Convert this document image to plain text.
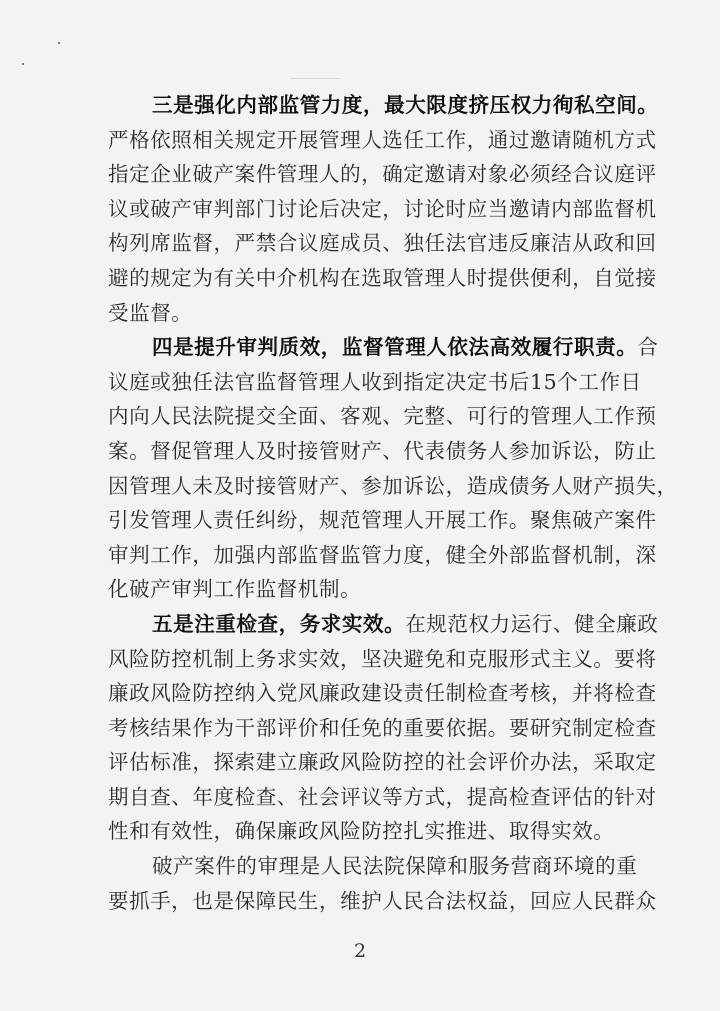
三是强化内部监管力度，最大限度挤压权力徇私空间。
严格依照相关规定开展管理人选任工作，通过邀请随机方式
指定企业破产案件管理人的，确定邀请对象必须经合议庭评
议或破产审判部门讨论后决定，讨论时应当邀请内部监督机
构列席监督，严禁合议庭成员、独任法官违反廉洁从政和回
避的规定为有关中介机构在选取管理人时提供便利，自觉接
受监督。
四是提升审判质效，监督管理人依法高效履行职责。合
议庭或独任法官监督管理人收到指定决定书后15个工作日
内向人民法院提交全面、客观、完整、可行的管理人工作预
案。督促管理人及时接管财产、代表债务人参加诉讼，防止
因管理人未及时接管财产、参加诉讼，造成债务人财产损失，
引发管理人责任纠纷，规范管理人开展工作。聚焦破产案件
审判工作，加强内部监督监管力度，健全外部监督机制，深
化破产审判工作监督机制。
五是注重检查，务求实效。在规范权力运行、健全廉政
风险防控机制上务求实效，坚决避免和克服形式主义。要将
廉政风险防控纳入党风廉政建设责任制检查考核，并将检查
考核结果作为干部评价和任免的重要依据。要研究制定检查
评估标准，探索建立廉政风险防控的社会评价办法，采取定
期自查、年度检查、社会评议等方式，提高检查评估的针对
性和有效性，确保廉政风险防控扎实推进、取得实效。
破产案件的审理是人民法院保障和服务营商环境的重
要抓手，也是保障民生，维护人民合法权益，回应人民群众
2
